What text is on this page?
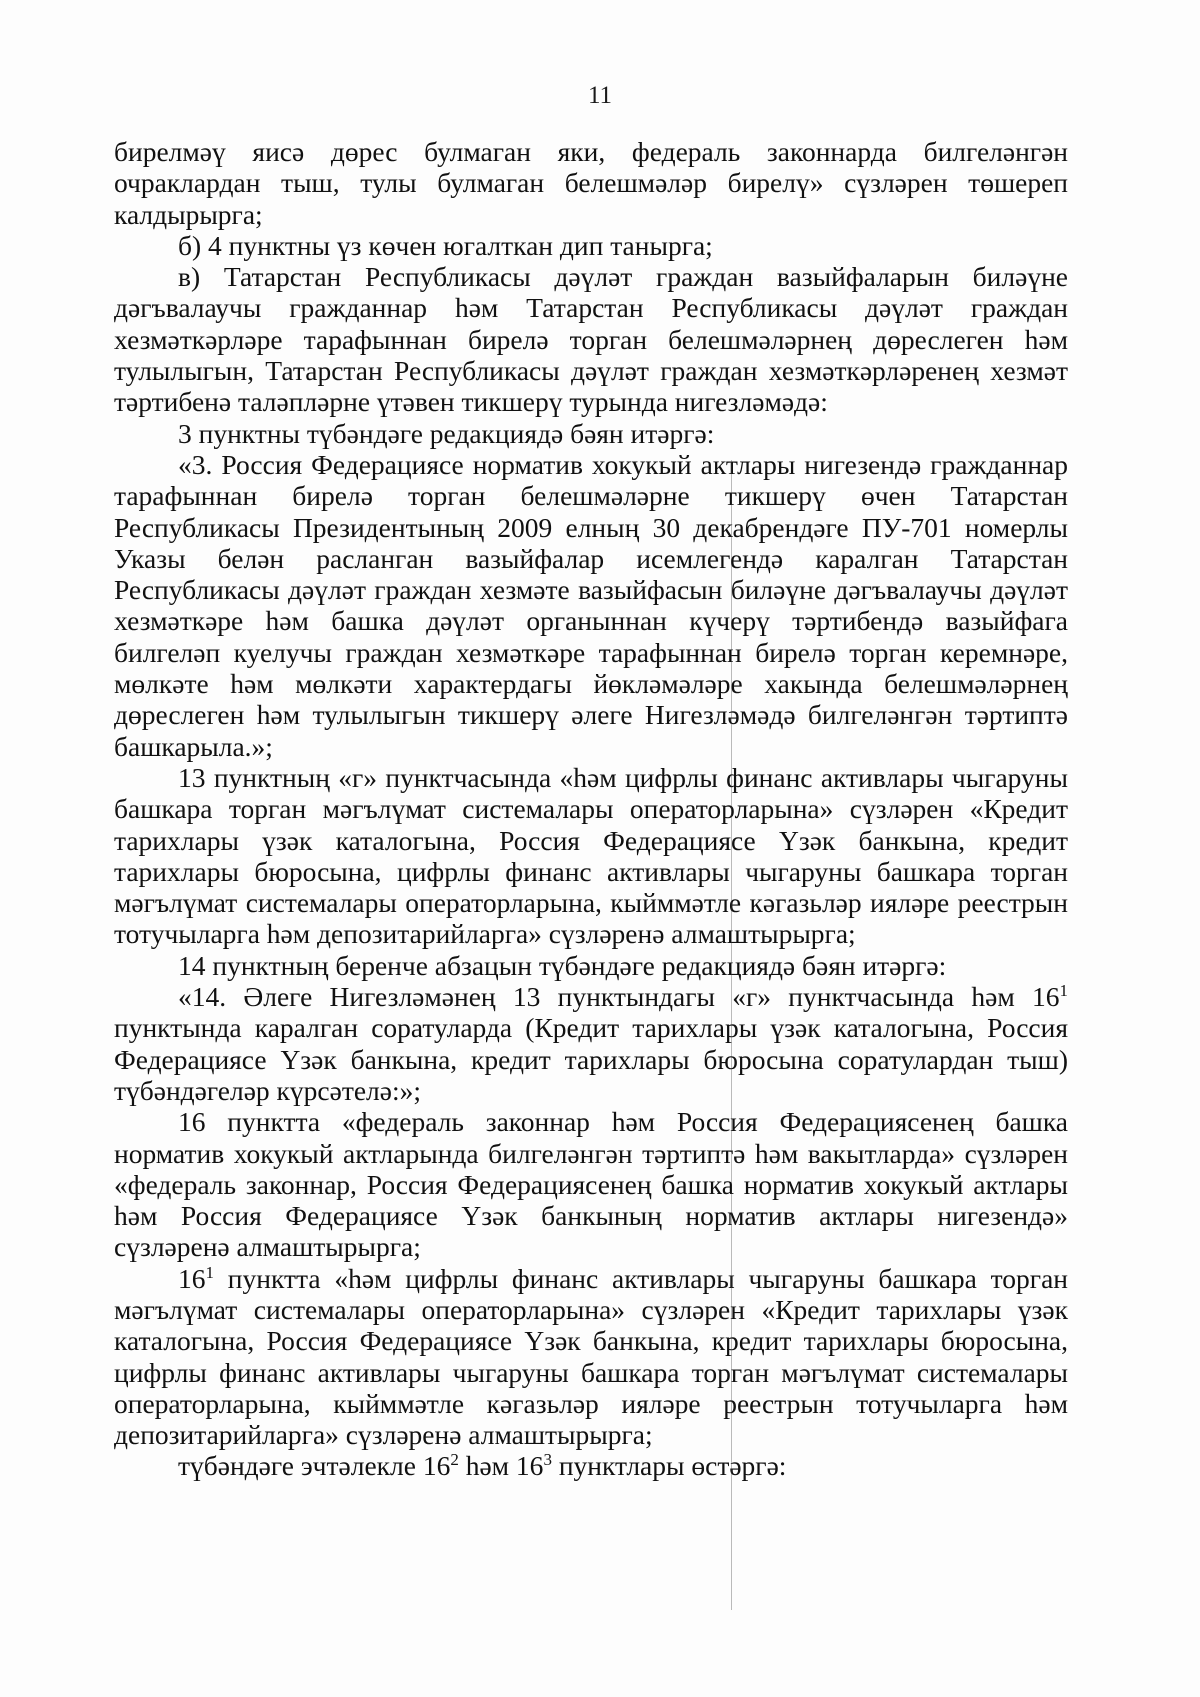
11

бирелмәү яисә дөрес булмаган яки, федераль законнарда билгеләнгән очраклардан тыш, тулы булмаган белешмәләр бирелү» сүзләрен төшереп калдырырга;

б) 4 пунктны үз көчен югалткан дип танырга;

в) Татарстан Республикасы дәүләт граждан вазыйфаларын биләүне дәгъвалаучы гражданнар һәм Татарстан Республикасы дәүләт граждан хезмәткәрләре тарафыннан бирелә торган белешмәләрнең дөреслеген һәм тулылыгын, Татарстан Республикасы дәүләт граждан хезмәткәрләренең хезмәт тәртибенә таләпләрне үтәвен тикшерү турында нигезләмәдә:

3 пунктны түбәндәге редакциядә бәян итәргә:

«3. Россия Федерациясе норматив хокукый актлары нигезендә гражданнар тарафыннан бирелә торган белешмәләрне тикшерү өчен Татарстан Республикасы Президентының 2009 елның 30 декабрендәге ПУ-701 номерлы Указы белән расланган вазыйфалар исемлегендә каралган Татарстан Республикасы дәүләт граждан хезмәте вазыйфасын биләүне дәгъвалаучы дәүләт хезмәткәре һәм башка дәүләт органыннан күчерү тәртибендә вазыйфага билгеләп куелучы граждан хезмәткәре тарафыннан бирелә торган керемнәре, мөлкәте һәм мөлкәти характердагы йөкләмәләре хакында белешмәләрнең дөреслеген һәм тулылыгын тикшерү әлеге Нигезләмәдә билгеләнгән тәртиптә башкарыла.»;

13 пунктның «г» пунктчасында «һәм цифрлы финанс активлары чыгаруны башкара торган мәгълүмат системалары операторларына» сүзләрен «Кредит тарихлары үзәк каталогына, Россия Федерациясе Үзәк банкына, кредит тарихлары бюросына, цифрлы финанс активлары чыгаруны башкара торган мәгълүмат системалары операторларына, кыйммәтле кәгазьләр ияләре реестрын тотучыларга һәм депозитарийларга» сүзләренә алмаштырырга;

14 пунктның беренче абзацын түбәндәге редакциядә бәян итәргә:

«14. Әлеге Нигезләмәнең 13 пунктындагы «г» пунктчасында һәм $16^1$ пунктында каралган соратуларда (Кредит тарихлары үзәк каталогына, Россия Федерациясе Үзәк банкына, кредит тарихлары бюросына соратулардан тыш) түбәндәгеләр күрсәтелә:»;

16 пунктта «федераль законнар һәм Россия Федерациясенең башка норматив хокукый актларында билгеләнгән тәртиптә һәм вакытларда» сүзләрен «федераль законнар, Россия Федерациясенең башка норматив хокукый актлары һәм Россия Федерациясе Үзәк банкының норматив актлары нигезендә» сүзләренә алмаштырырга;

$16^1$ пунктта «һәм цифрлы финанс активлары чыгаруны башкара торган мәгълүмат системалары операторларына» сүзләрен «Кредит тарихлары үзәк каталогына, Россия Федерациясе Үзәк банкына, кредит тарихлары бюросына, цифрлы финанс активлары чыгаруны башкара торган мәгълүмат системалары операторларына, кыйммәтле кәгазьләр ияләре реестрын тотучыларга һәм депозитарийларга» сүзләренә алмаштырырга;

түбәндәге эчтәлекле $16^2$ һәм $16^3$ пунктлары өстәргә:
